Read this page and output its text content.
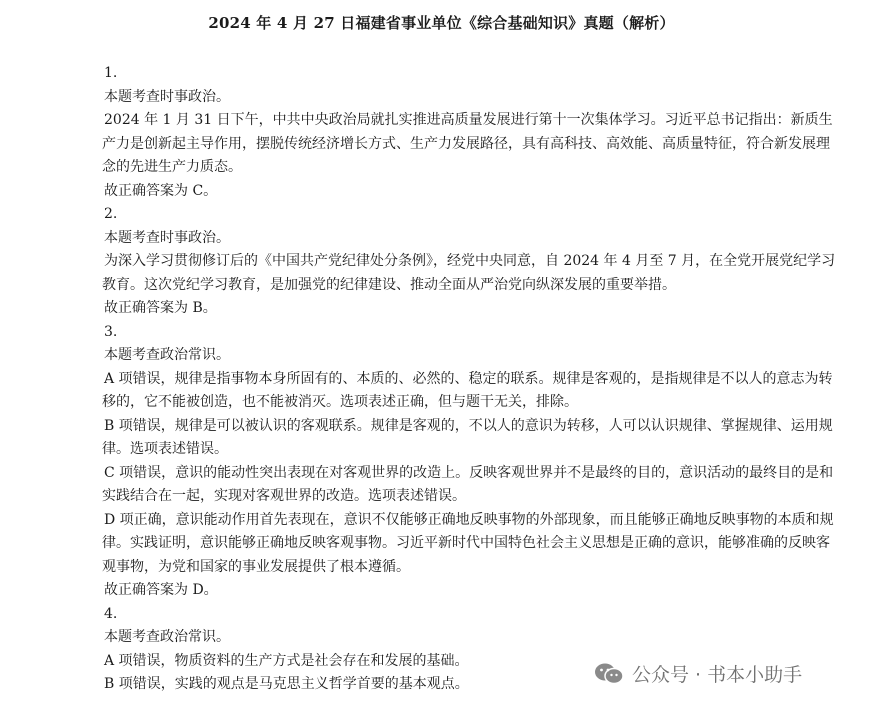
2024 年 4 月 27 日福建省事业单位《综合基础知识》真题（解析）

1.

本题考查时事政治。

2024 年 1 月 31 日下午，中共中央政治局就扎实推进高质量发展进行第十一次集体学习。习近平总书记指出：新质生产力是创新起主导作用，摆脱传统经济增长方式、生产力发展路径，具有高科技、高效能、高质量特征，符合新发展理念的先进生产力质态。

故正确答案为 C。

2.

本题考查时事政治。

为深入学习贯彻修订后的《中国共产党纪律处分条例》，经党中央同意，自 2024 年 4 月至 7 月，在全党开展党纪学习教育。这次党纪学习教育，是加强党的纪律建设、推动全面从严治党向纵深发展的重要举措。

故正确答案为 B。

3.

本题考查政治常识。

A 项错误，规律是指事物本身所固有的、本质的、必然的、稳定的联系。规律是客观的，是指规律是不以人的意志为转移的，它不能被创造，也不能被消灭。选项表述正确，但与题干无关，排除。

B 项错误，规律是可以被认识的客观联系。规律是客观的，不以人的意识为转移，人可以认识规律、掌握规律、运用规律。选项表述错误。

C 项错误，意识的能动性突出表现在对客观世界的改造上。反映客观世界并不是最终的目的，意识活动的最终目的是和实践结合在一起，实现对客观世界的改造。选项表述错误。

D 项正确，意识能动作用首先表现在，意识不仅能够正确地反映事物的外部现象，而且能够正确地反映事物的本质和规律。实践证明，意识能够正确地反映客观事物。习近平新时代中国特色社会主义思想是正确的意识，能够准确的反映客观事物，为党和国家的事业发展提供了根本遵循。

故正确答案为 D。

4.

本题考查政治常识。

A 项错误，物质资料的生产方式是社会存在和发展的基础。

B 项错误，实践的观点是马克思主义哲学首要的基本观点。	公众号 · 书本小助手
